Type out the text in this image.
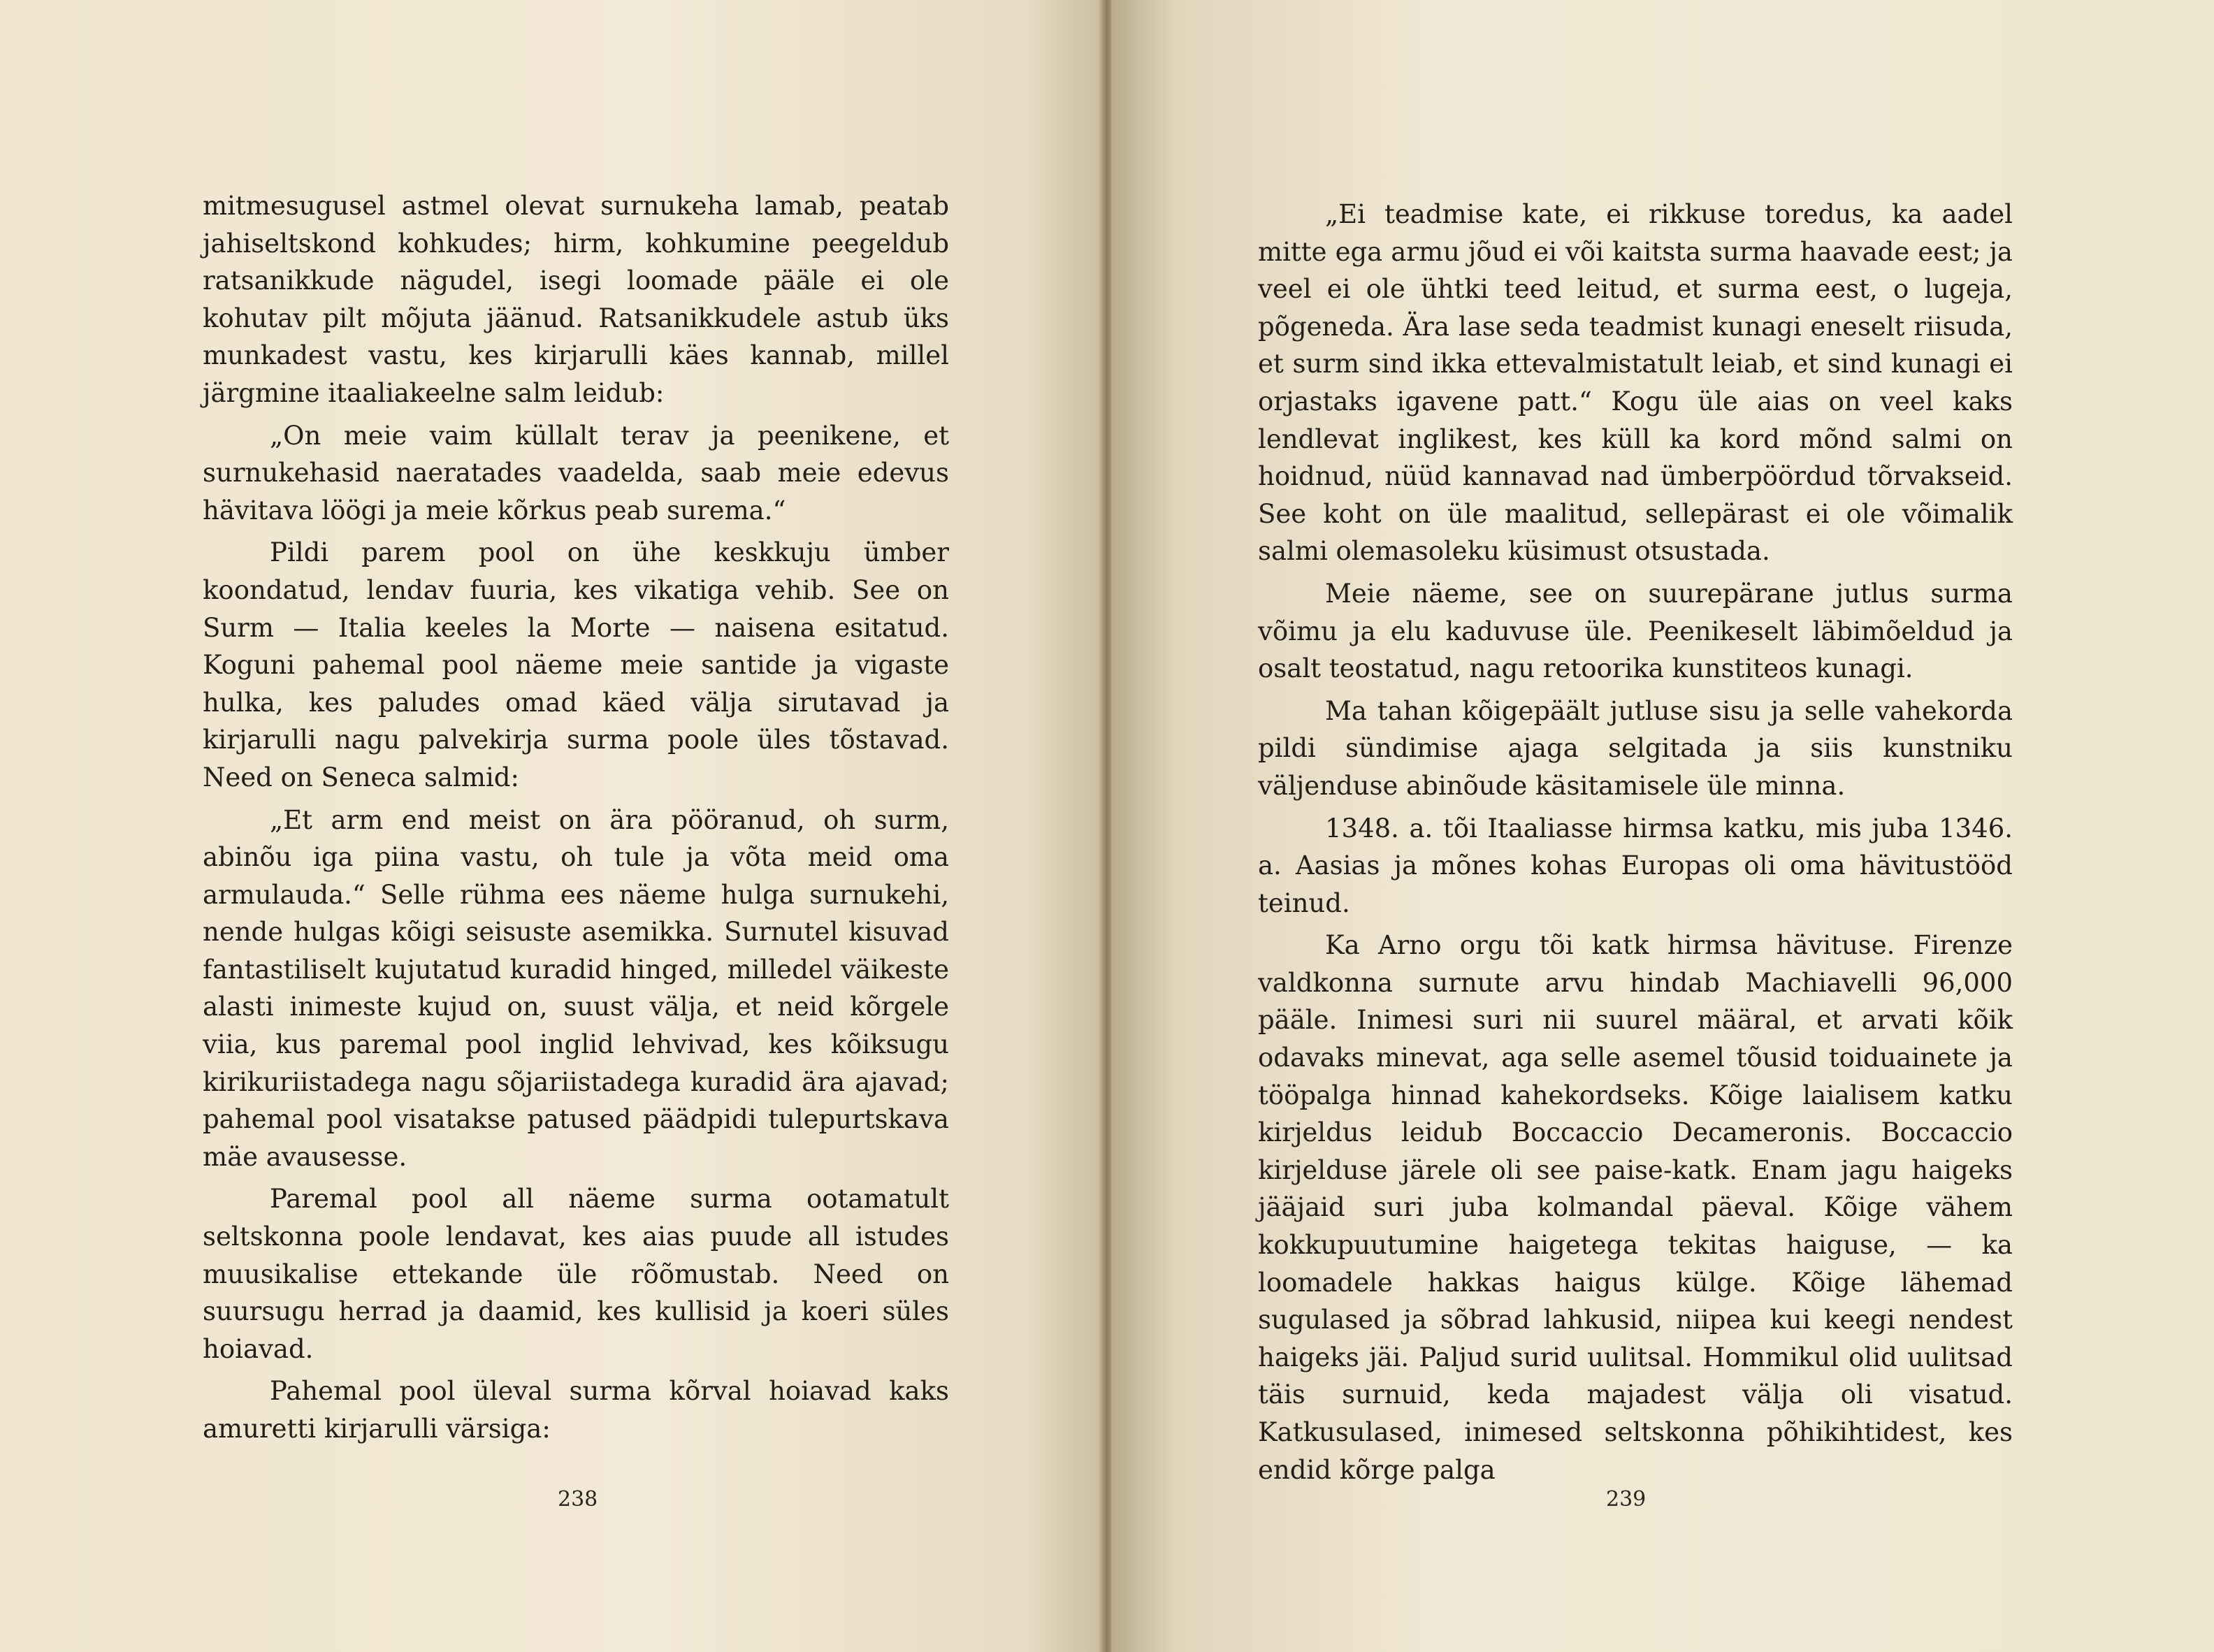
mitmesugusel astmel olevat surnukeha lamab, peatab jahiseltskond kohkudes; hirm, kohkumine peegeldub ratsanikkude nägudel, isegi loomade pääle ei ole kohutav pilt mõjuta jäänud. Ratsanikkudele astub üks munkadest vastu, kes kirjarulli käes kannab, millel järgmine itaaliakeelne salm leidub:

„On meie vaim küllalt terav ja peenikene, et surnukehasid naeratades vaadelda, saab meie edevus hävitava löögi ja meie kõrkus peab surema.“

Pildi parem pool on ühe keskkuju ümber koondatud, lendav fuuria, kes vikatiga vehib. See on Surm — Italia keeles la Morte — naisena esitatud. Koguni pahemal pool näeme meie santide ja vigaste hulka, kes paludes omad käed välja sirutavad ja kirjarulli nagu palvekirja surma poole üles tõstavad. Need on Seneca salmid:

„Et arm end meist on ära pööranud, oh surm, abinõu iga piina vastu, oh tule ja võta meid oma armulauda.“ Selle rühma ees näeme hulga surnukehi, nende hulgas kõigi seisuste asemikka. Surnutel kisuvad fantastiliselt kujutatud kuradid hinged, milledel väikeste alasti inimeste kujud on, suust välja, et neid kõrgele viia, kus paremal pool inglid lehvivad, kes kõiksugu kirikuriistadega nagu sõjariistadega kuradid ära ajavad; pahemal pool visatakse patused päädpidi tulepurtskava mäe avausesse.

Paremal pool all näeme surma ootamatult seltskonna poole lendavat, kes aias puude all istudes muusikalise ettekande üle rõõmustab. Need on suursugu herrad ja daamid, kes kullisid ja koeri süles hoiavad.

Pahemal pool üleval surma kõrval hoiavad kaks amuretti kirjarulli värsiga:

238

„Ei teadmise kate, ei rikkuse toredus, ka aadel mitte ega armu jõud ei või kaitsta surma haavade eest; ja veel ei ole ühtki teed leitud, et surma eest, o lugeja, põgeneda. Ära lase seda teadmist kunagi eneselt riisuda, et surm sind ikka ettevalmistatult leiab, et sind kunagi ei orjastaks igavene patt.“ Kogu üle aias on veel kaks lendlevat inglikest, kes küll ka kord mõnd salmi on hoidnud, nüüd kannavad nad ümberpöördud tõrvakseid. See koht on üle maalitud, sellepärast ei ole võimalik salmi olemasoleku küsimust otsustada.

Meie näeme, see on suurepärane jutlus surma võimu ja elu kaduvuse üle. Peenikeselt läbimõeldud ja osalt teostatud, nagu retoorika kunstiteos kunagi.

Ma tahan kõigepäält jutluse sisu ja selle vahekorda pildi sündimise ajaga selgitada ja siis kunstniku väljenduse abinõude käsitamisele üle minna.

1348. a. tõi Itaaliasse hirmsa katku, mis juba 1346. a. Aasias ja mõnes kohas Europas oli oma hävitustööd teinud.

Ka Arno orgu tõi katk hirmsa hävituse. Firenze valdkonna surnute arvu hindab Machiavelli 96,000 pääle. Inimesi suri nii suurel määral, et arvati kõik odavaks minevat, aga selle asemel tõusid toiduainete ja tööpalga hinnad kahekordseks. Kõige laialisem katku kirjeldus leidub Boccaccio Decameronis. Boccaccio kirjelduse järele oli see paise-katk. Enam jagu haigeks jääjaid suri juba kolmandal päeval. Kõige vähem kokkupuutumine haigetega tekitas haiguse, — ka loomadele hakkas haigus külge. Kõige lähemad sugulased ja sõbrad lahkusid, niipea kui keegi nendest haigeks jäi. Paljud surid uulitsal. Hommikul olid uulitsad täis surnuid, keda majadest välja oli visatud. Katkusulased, inimesed seltskonna põhikihtidest, kes endid kõrge palga

239
